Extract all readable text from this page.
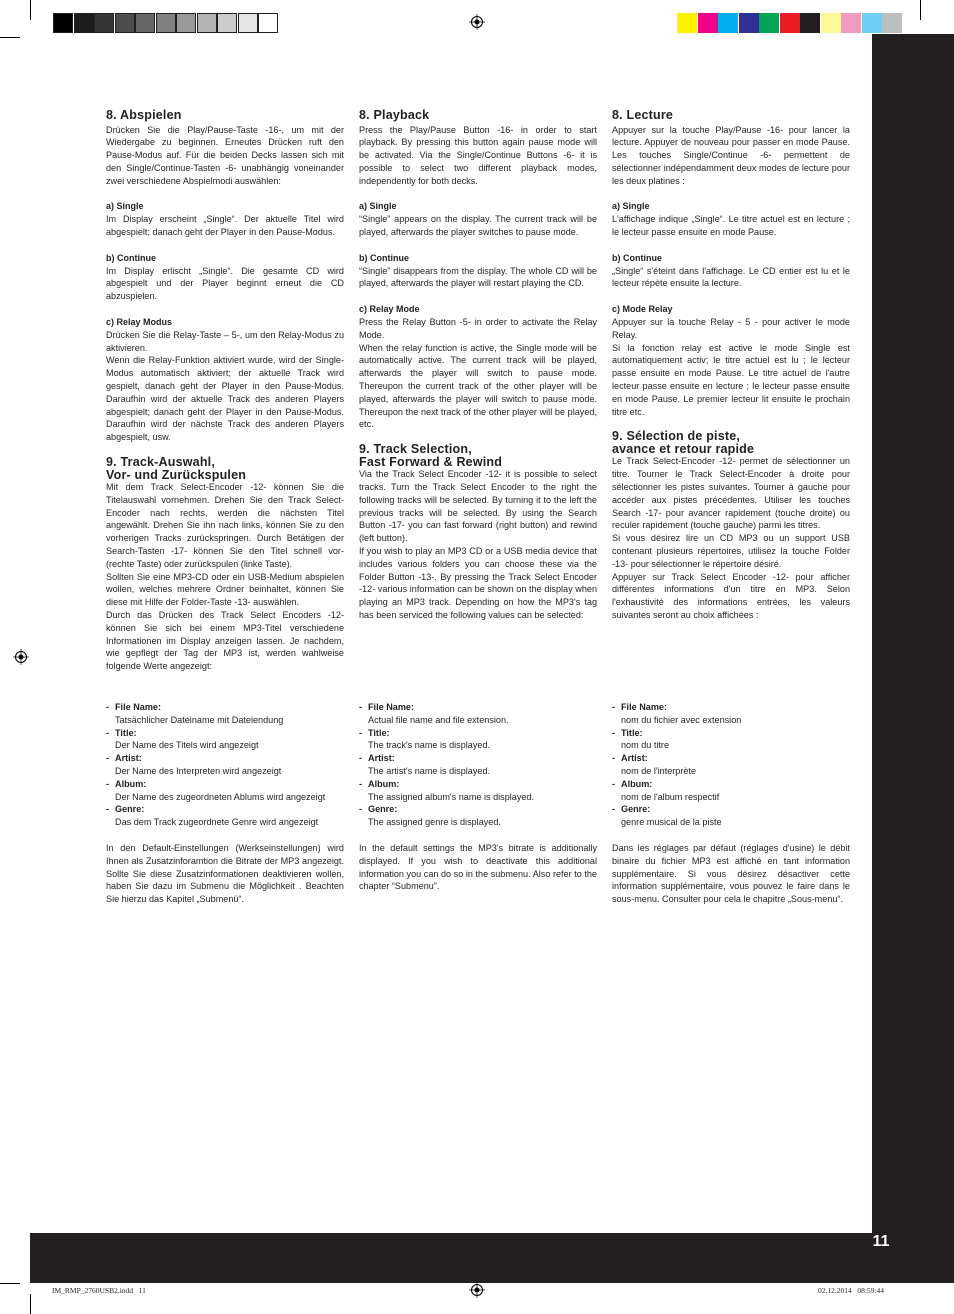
11
8. Abspielen

Drücken Sie die Play/Pause-Taste -16-, um mit der Wiedergabe zu beginnen. Erneutes Drücken ruft den Pause-Modus auf. Für die beiden Decks lassen sich mit den Single/Continue-Tasten -6- unabhängig voneinander zwei verschiedene Abspielmodi auswählen:

a) Single

Im Display erscheint „Single“. Der aktuelle Titel wird abgespielt; danach geht der Player in den Pause-Modus.

b) Continue

Im Display erlischt „Single“. Die gesamte CD wird abgespielt und der Player beginnt erneut die CD abzuspielen.

c) Relay Modus

Drücken Sie die Relay-Taste – 5-, um den Relay-Modus zu aktivieren.

Wenn die Relay-Funktion aktiviert wurde, wird der Single-Modus automatisch aktiviert; der aktuelle Track wird gespielt, danach geht der Player in den Pause-Modus. Daraufhin wird der aktuelle Track des anderen Players abgespielt; danach geht der Player in den Pause-Modus. Daraufhin wird der nächste Track des anderen Players abgespielt, usw.

9. Track-Auswahl,
Vor- und Zurückspulen

Mit dem Track Select-Encoder -12- können Sie die Titelauswahl vornehmen. Drehen Sie den Track Select-Encoder nach rechts, werden die nächsten Titel angewählt. Drehen Sie ihn nach links, können Sie zu den vorherigen Tracks zurückspringen. Durch Betätigen der Search-Tasten -17- können Sie den Titel schnell vor- (rechte Taste) oder zurückspulen (linke Taste).

Sollten Sie eine MP3-CD oder ein USB-Medium abspielen wollen, welches mehrere Ordner beinhaltet, können Sie diese mit Hilfe der Folder-Taste -13- auswählen.

Durch das Drücken des Track Select Encoders -12- können Sie sich bei einem MP3-Titel verschiedene Informationen im Display anzeigen lassen. Je nachdem, wie gepflegt der Tag der MP3 ist, werden wahlweise folgende Werte angezeigt:

- File Name:
Tatsächlicher Dateiname mit Dateiendung
- Title:
Der Name des Titels wird angezeigt
- Artist:
Der Name des Interpreten wird angezeigt
- Album:
Der Name des zugeordneten Ablums wird angezeigt
- Genre:
Das dem Track zugeordnete Genre wird angezeigt

In den Default-Einstellungen (Werkseinstellungen) wird Ihnen als Zusatzinforamtion die Bitrate der MP3 angezeigt. Sollte Sie diese Zusatzinformationen deaktivieren wollen, haben Sie dazu im Submenu die Möglichkeit . Beachten Sie hierzu das Kapitel „Submenü“.

8. Playback

Press the Play/Pause Button -16- in order to start playback. By pressing this button again pause mode will be activated. Via the Single/Continue Buttons -6- it is possible to select two different playback modes, independently for both decks.

a) Single

“Single” appears on the display. The current track will be played, afterwards the player switches to pause mode.

b) Continue

“Single” disappears from the display. The whole CD will be played, afterwards the player will restart playing the CD.

c) Relay Mode

Press the Relay Button -5- in order to activate the Relay Mode.

When the relay function is active, the Single mode will be automatically active. The current track will be played, afterwards the player will switch to pause mode. Thereupon the current track of the other player will be played, afterwards the player will switch to pause mode. Thereupon the next track of the other player will be played, etc.

9. Track Selection,
Fast Forward & Rewind

Via the Track Select Encoder -12- it is possible to select tracks. Turn the Track Select Encoder to the right the following tracks will be selected. By turning it to the left the previous tracks will be selected. By using the Search Button -17- you can fast forward (right button) and rewind (left button).

If you wish to play an MP3 CD or a USB media device that includes various folders you can choose these via the Folder Button -13-. By pressing the Track Select Encoder -12- various information can be shown on the display when playing an MP3 track. Depending on how the MP3's tag has been serviced the following values can be selected:

- File Name:
Actual file name and file extension.
- Title:
The track's name is displayed.
- Artist:
The artist's name is displayed.
- Album:
The assigned album's name is displayed.
- Genre:
The assigned genre is displayed.

In the default settings the MP3's bitrate is additionally displayed. If you wish to deactivate this additional information you can do so in the submenu. Also refer to the chapter “Submenu”.

8. Lecture

Appuyer sur la touche Play/Pause -16- pour lancer la lecture. Appuyer de nouveau pour passer en mode Pause. Les touches Single/Continue -6- permettent de sélectionner indépendamment deux modes de lecture pour les deux platines :

a) Single

L'affichage indique „Single“. Le titre actuel est en lecture ; le lecteur passe ensuite en mode Pause.

b) Continue

„Single“ s'éteint dans l'affichage. Le CD entier est lu et le lecteur répète ensuite la lecture.

c) Mode Relay

Appuyer sur la touche Relay - 5 - pour activer le mode Relay.

Si la fonction relay est active le mode Single est automatiquement activ; le titre actuel est lu ; le lecteur passe ensuite en mode Pause. Le titre actuel de l'autre lecteur passe ensuite en lecture ; le lecteur passe ensuite en mode Pause. Le premier lecteur lit ensuite le prochain titre etc.

9. Sélection de piste,
avance et retour rapide

Le Track Select-Encoder -12- permet de sélectionner un titre. Tourner le Track Select-Encoder à droite pour sélectionner les pistes suivantes. Tourner à gauche pour accéder aux pistes précédentes. Utiliser les touches Search -17- pour avancer rapidement (touche droite) ou reculer rapidement (touche gauche) parmi les titres.

Si vous désirez lire un CD MP3 ou un support USB contenant plusieurs répertoires, utilisez la touche Folder -13- pour sélectionner le répertoire désiré.

Appuyer sur Track Select Encoder -12- pour afficher différentes informations d'un titre en MP3. Selon l'exhaustivité des informations entrées, les valeurs suivantes seront au choix affichées :

- File Name:
nom du fichier avec extension
- Title:
nom du titre
- Artist:
nom de l'interprète
- Album:
nom de l'album respectif
- Genre:
genre musical de la piste

Dans les réglages par défaut (réglages d'usine) le débit binaire du fichier MP3 est affiché en tant information supplémentaire. Si vous désirez désactiver cette information supplémentaire, vous pouvez le faire dans le sous-menu. Consulter pour cela le chapitre „Sous-menu“.

IM_RMP_2760USB2.indd   11	02.12.2014   08:59:44
